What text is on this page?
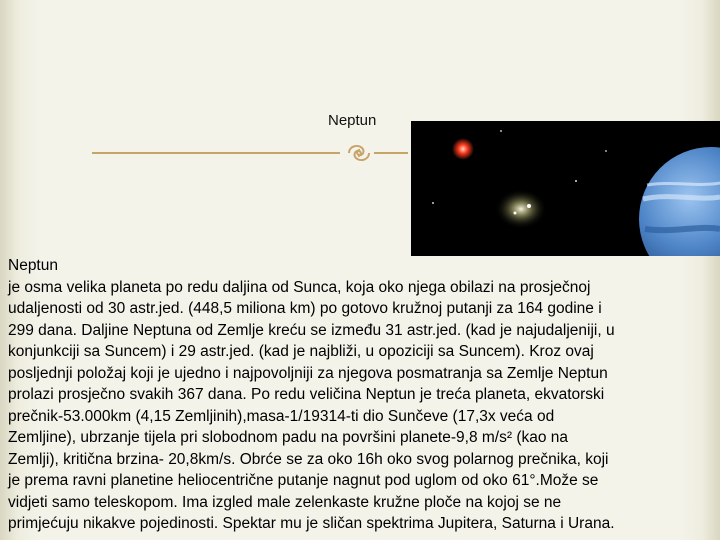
Neptun
Neptun
je osma velika planeta po redu daljina od Sunca, koja oko njega obilazi na prosječnoj
udaljenosti od 30 astr.jed. (448,5 miliona km) po gotovo kružnoj putanji za 164 godine i
299 dana. Daljine Neptuna od Zemlje kreću se između 31 astr.jed. (kad je najudaljeniji, u
konjunkciji sa Suncem) i 29 astr.jed. (kad je najbliži, u opoziciji sa Suncem). Kroz ovaj
posljednji položaj koji je ujedno i najpovoljniji za njegova posmatranja sa Zemlje Neptun
prolazi prosječno svakih 367 dana. Po redu veličina Neptun je treća planeta, ekvatorski
prečnik-53.000km (4,15 Zemljinih),masa-1/19314-ti dio Sunčeve (17,3x veća od
Zemljine), ubrzanje tijela pri slobodnom padu na površini planete-9,8 m/s² (kao na
Zemlji), kritična brzina- 20,8km/s. Obrće se za oko 16h oko svog polarnog prečnika, koji
je prema ravni planetine heliocentrične putanje nagnut pod uglom od oko 61°.Može se
vidjeti samo teleskopom. Ima izgled male zelenkaste kružne ploče na kojoj se ne
primjećuju nikakve pojedinosti. Spektar mu je sličan spektrima Jupitera, Saturna i Urana.
